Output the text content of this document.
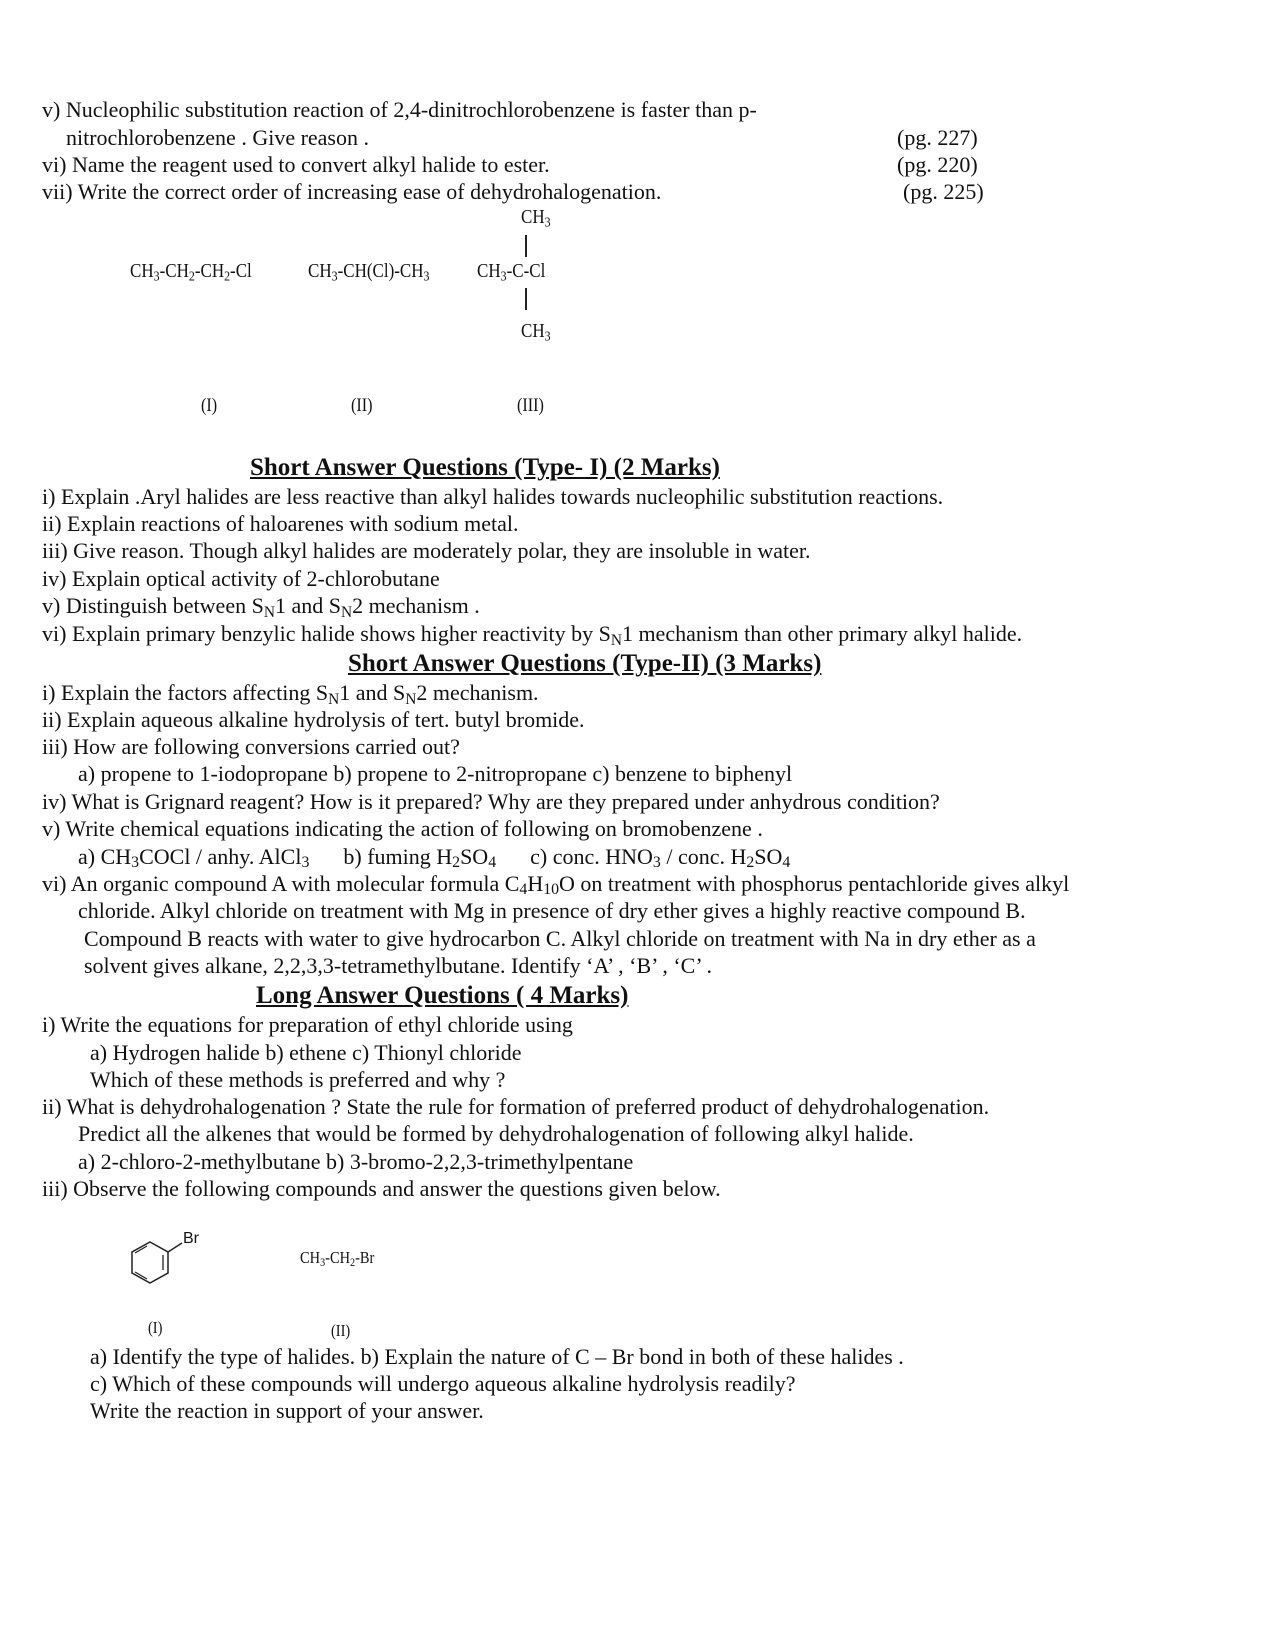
v) Nucleophilic substitution reaction of 2,4-dinitrochlorobenzene is faster than p-
nitrochlorobenzene . Give reason .	(pg. 227)
vi) Name the reagent used to convert alkyl halide to ester.	(pg. 220)
vii) Write the correct order of increasing ease of dehydrohalogenation.	(pg. 225)
$CH_3-CH_2-CH_2-Cl$	$CH_3-CH(Cl)-CH_3$
$CH_3$
$CH_3-C-Cl$
$CH_3$
(I)	(II)	(III)
Short Answer Questions (Type- I) (2 Marks)
i) Explain .Aryl halides are less reactive than alkyl halides towards nucleophilic substitution reactions.
ii) Explain reactions of haloarenes with sodium metal.
iii) Give reason. Though alkyl halides are moderately polar, they are insoluble in water.
iv) Explain optical activity of 2-chlorobutane
v) Distinguish between $S_N1$ and $S_N2$ mechanism .
vi) Explain primary benzylic halide shows higher reactivity by $S_N1$ mechanism than other primary alkyl halide.
Short Answer Questions (Type-II) (3 Marks)
i) Explain the factors affecting $S_N1$ and $S_N2$ mechanism.
ii) Explain aqueous alkaline hydrolysis of tert. butyl bromide.
iii) How are following conversions carried out?
a) propene to 1-iodopropane b) propene to 2-nitropropane c) benzene to biphenyl
iv) What is Grignard reagent? How is it prepared? Why are they prepared under anhydrous condition?
v) Write chemical equations indicating the action of following on bromobenzene .
a) CH3COCl / anhy. AlCl3 b) fuming H2SO4 c) conc. HNO3 / conc. H2SO4
vi) An organic compound A with molecular formula C4H10O on treatment with phosphorus pentachloride gives alkyl
chloride. Alkyl chloride on treatment with Mg in presence of dry ether gives a highly reactive compound B.
Compound B reacts with water to give hydrocarbon C. Alkyl chloride on treatment with Na in dry ether as a
solvent gives alkane, 2,2,3,3-tetramethylbutane. Identify ‘A’ , ‘B’ , ‘C’ .
Long Answer Questions ( 4 Marks)
i) Write the equations for preparation of ethyl chloride using
a) Hydrogen halide b) ethene c) Thionyl chloride
Which of these methods is preferred and why ?
ii) What is dehydrohalogenation ? State the rule for formation of preferred product of dehydrohalogenation.
Predict all the alkenes that would be formed by dehydrohalogenation of following alkyl halide.
a) 2-chloro-2-methylbutane b) 3-bromo-2,2,3-trimethylpentane
iii) Observe the following compounds and answer the questions given below.
Br
$CH_3-CH_2-Br$
(I)	(II)
a) Identify the type of halides. b) Explain the nature of C – Br bond in both of these halides .
c) Which of these compounds will undergo aqueous alkaline hydrolysis readily?
Write the reaction in support of your answer.
